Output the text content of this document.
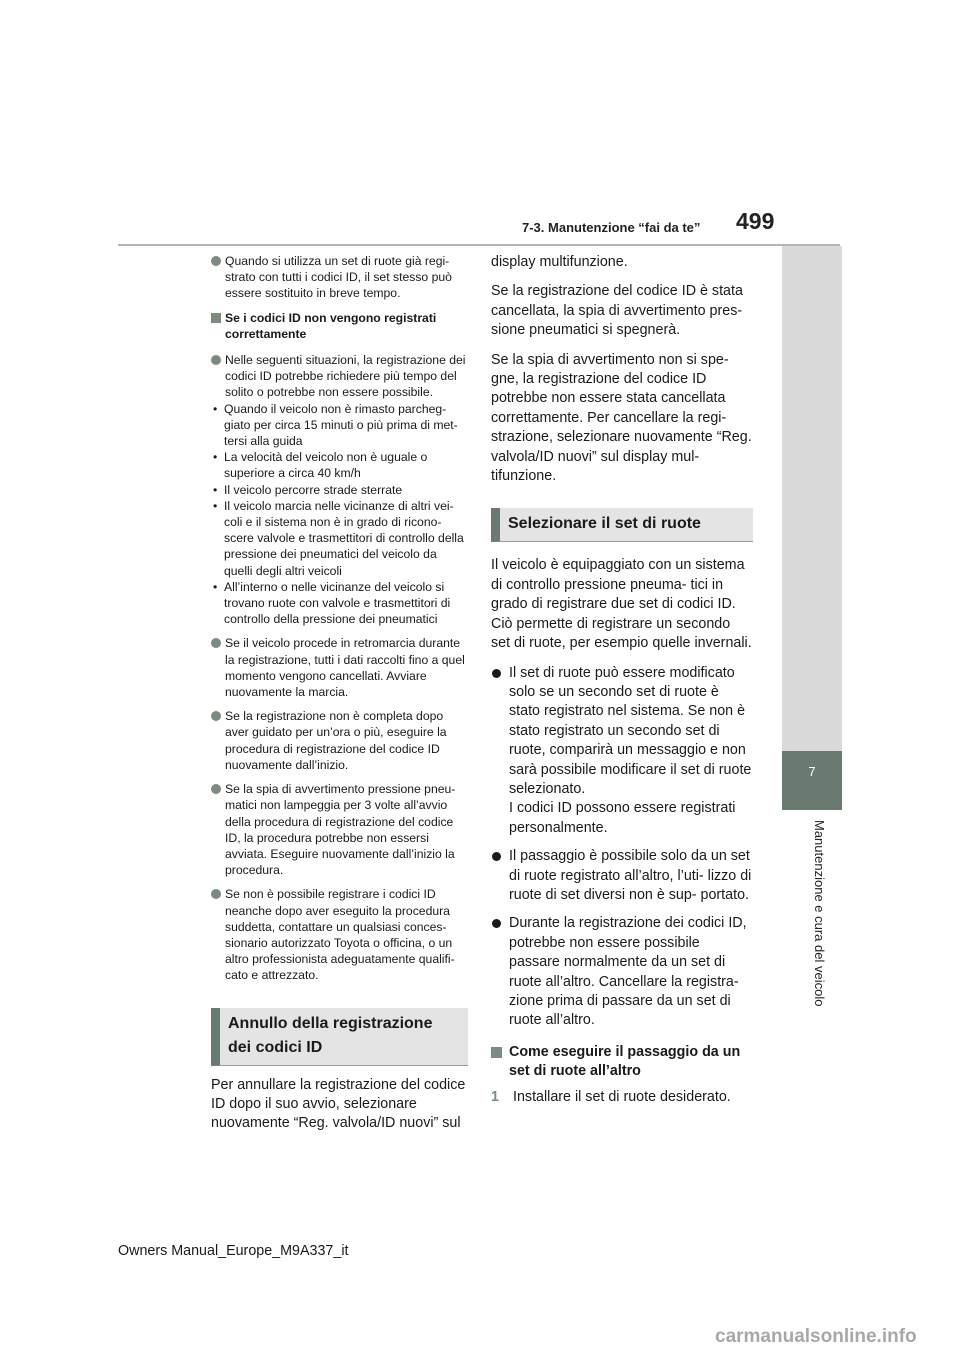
499
7-3. Manutenzione “fai da te”
7
Manutenzione e cura del veicolo
Quando si utilizza un set di ruote già regi- strato con tutti i codici ID, il set stesso può essere sostituito in breve tempo.
Se i codici ID non vengono registrati correttamente
Nelle seguenti situazioni, la registrazione dei codici ID potrebbe richiedere più tempo del solito o potrebbe non essere possibile.
• Quando il veicolo non è rimasto parcheg- giato per circa 15 minuti o più prima di met- tersi alla guida
• La velocità del veicolo non è uguale o superiore a circa 40 km/h
• Il veicolo percorre strade sterrate
• Il veicolo marcia nelle vicinanze di altri vei- coli e il sistema non è in grado di ricono- scere valvole e trasmettitori di controllo della pressione dei pneumatici del veicolo da quelli degli altri veicoli
• All’interno o nelle vicinanze del veicolo si trovano ruote con valvole e trasmettitori di controllo della pressione dei pneumatici
Se il veicolo procede in retromarcia durante la registrazione, tutti i dati raccolti fino a quel momento vengono cancellati. Avviare nuovamente la marcia.
Se la registrazione non è completa dopo aver guidato per un’ora o più, eseguire la procedura di registrazione del codice ID nuovamente dall’inizio.
Se la spia di avvertimento pressione pneu- matici non lampeggia per 3 volte all’avvio della procedura di registrazione del codice ID, la procedura potrebbe non essersi avviata. Eseguire nuovamente dall’inizio la procedura.
Se non è possibile registrare i codici ID neanche dopo aver eseguito la procedura suddetta, contattare un qualsiasi conces- sionario autorizzato Toyota o officina, o un altro professionista adeguatamente qualifi- cato e attrezzato.
Annullo della registrazione dei codici ID

Per annullare la registrazione del codice ID dopo il suo avvio, selezionare nuovamente “Reg. valvola/ID nuovi” sul

display multifunzione.

Se la registrazione del codice ID è stata cancellata, la spia di avvertimento pres- sione pneumatici si spegnerà.

Se la spia di avvertimento non si spe- gne, la registrazione del codice ID potrebbe non essere stata cancellata correttamente. Per cancellare la regi- strazione, selezionare nuovamente “Reg. valvola/ID nuovi” sul display mul- tifunzione.

Selezionare il set di ruote

Il veicolo è equipaggiato con un sistema di controllo pressione pneuma- tici in grado di registrare due set di codici ID. Ciò permette di registrare un secondo set di ruote, per esempio quelle invernali.

Il set di ruote può essere modificato solo se un secondo set di ruote è stato registrato nel sistema. Se non è stato registrato un secondo set di ruote, comparirà un messaggio e non sarà possibile modificare il set di ruote selezionato.
I codici ID possono essere registrati personalmente.
Il passaggio è possibile solo da un set di ruote registrato all’altro, l’uti- lizzo di ruote di set diversi non è sup- portato.
Durante la registrazione dei codici ID, potrebbe non essere possibile passare normalmente da un set di ruote all’altro. Cancellare la registra- zione prima di passare da un set di ruote all’altro.
Come eseguire il passaggio da un set di ruote all’altro
1 Installare il set di ruote desiderato.
Owners Manual_Europe_M9A337_it
carmanualsonline.info
